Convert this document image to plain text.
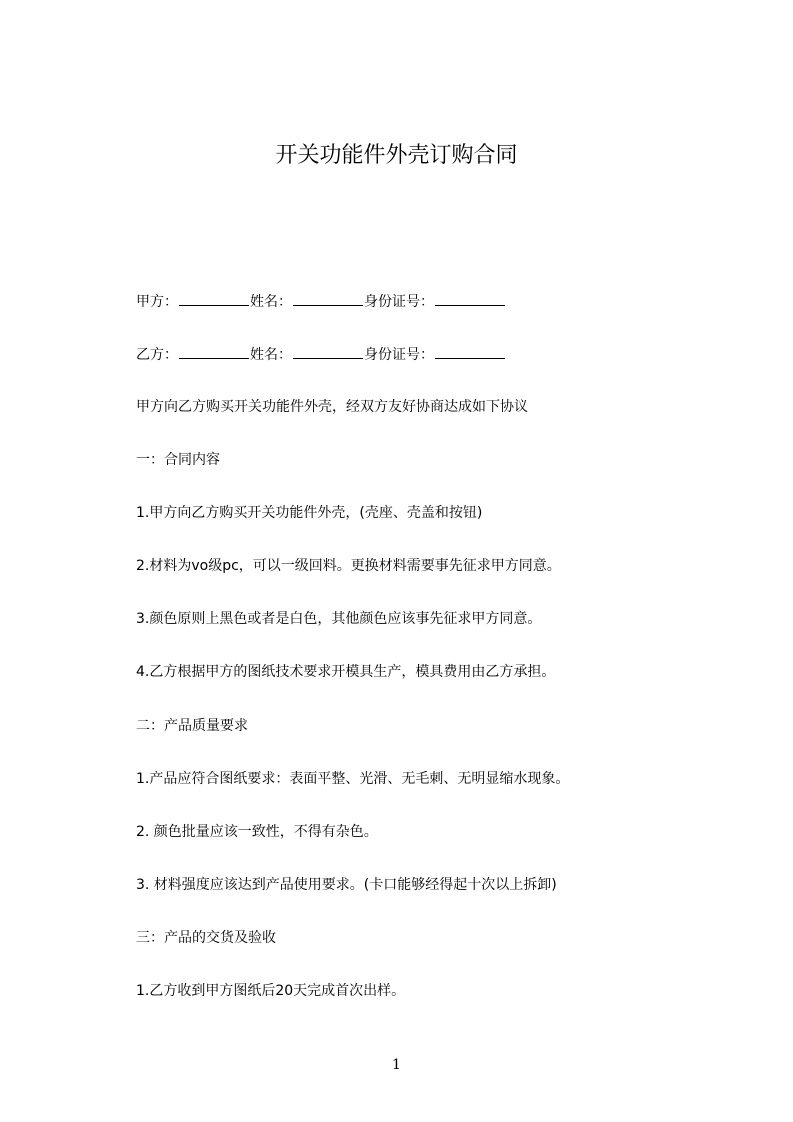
开关功能件外壳订购合同
甲方：	姓名：	身份证号：
乙方：	姓名：	身份证号：
甲方向乙方购买开关功能件外壳，经双方友好协商达成如下协议
一：合同内容
1.甲方向乙方购买开关功能件外壳，(壳座、壳盖和按钮)
2.材料为vo级pc，可以一级回料。更换材料需要事先征求甲方同意。
3.颜色原则上黑色或者是白色，其他颜色应该事先征求甲方同意。
4.乙方根据甲方的图纸技术要求开模具生产，模具费用由乙方承担。
二：产品质量要求
1.产品应符合图纸要求：表面平整、光滑、无毛刺、无明显缩水现象。
2. 颜色批量应该一致性，不得有杂色。
3. 材料强度应该达到产品使用要求。(卡口能够经得起十次以上拆卸)
三：产品的交货及验收
1.乙方收到甲方图纸后20天完成首次出样。
1
